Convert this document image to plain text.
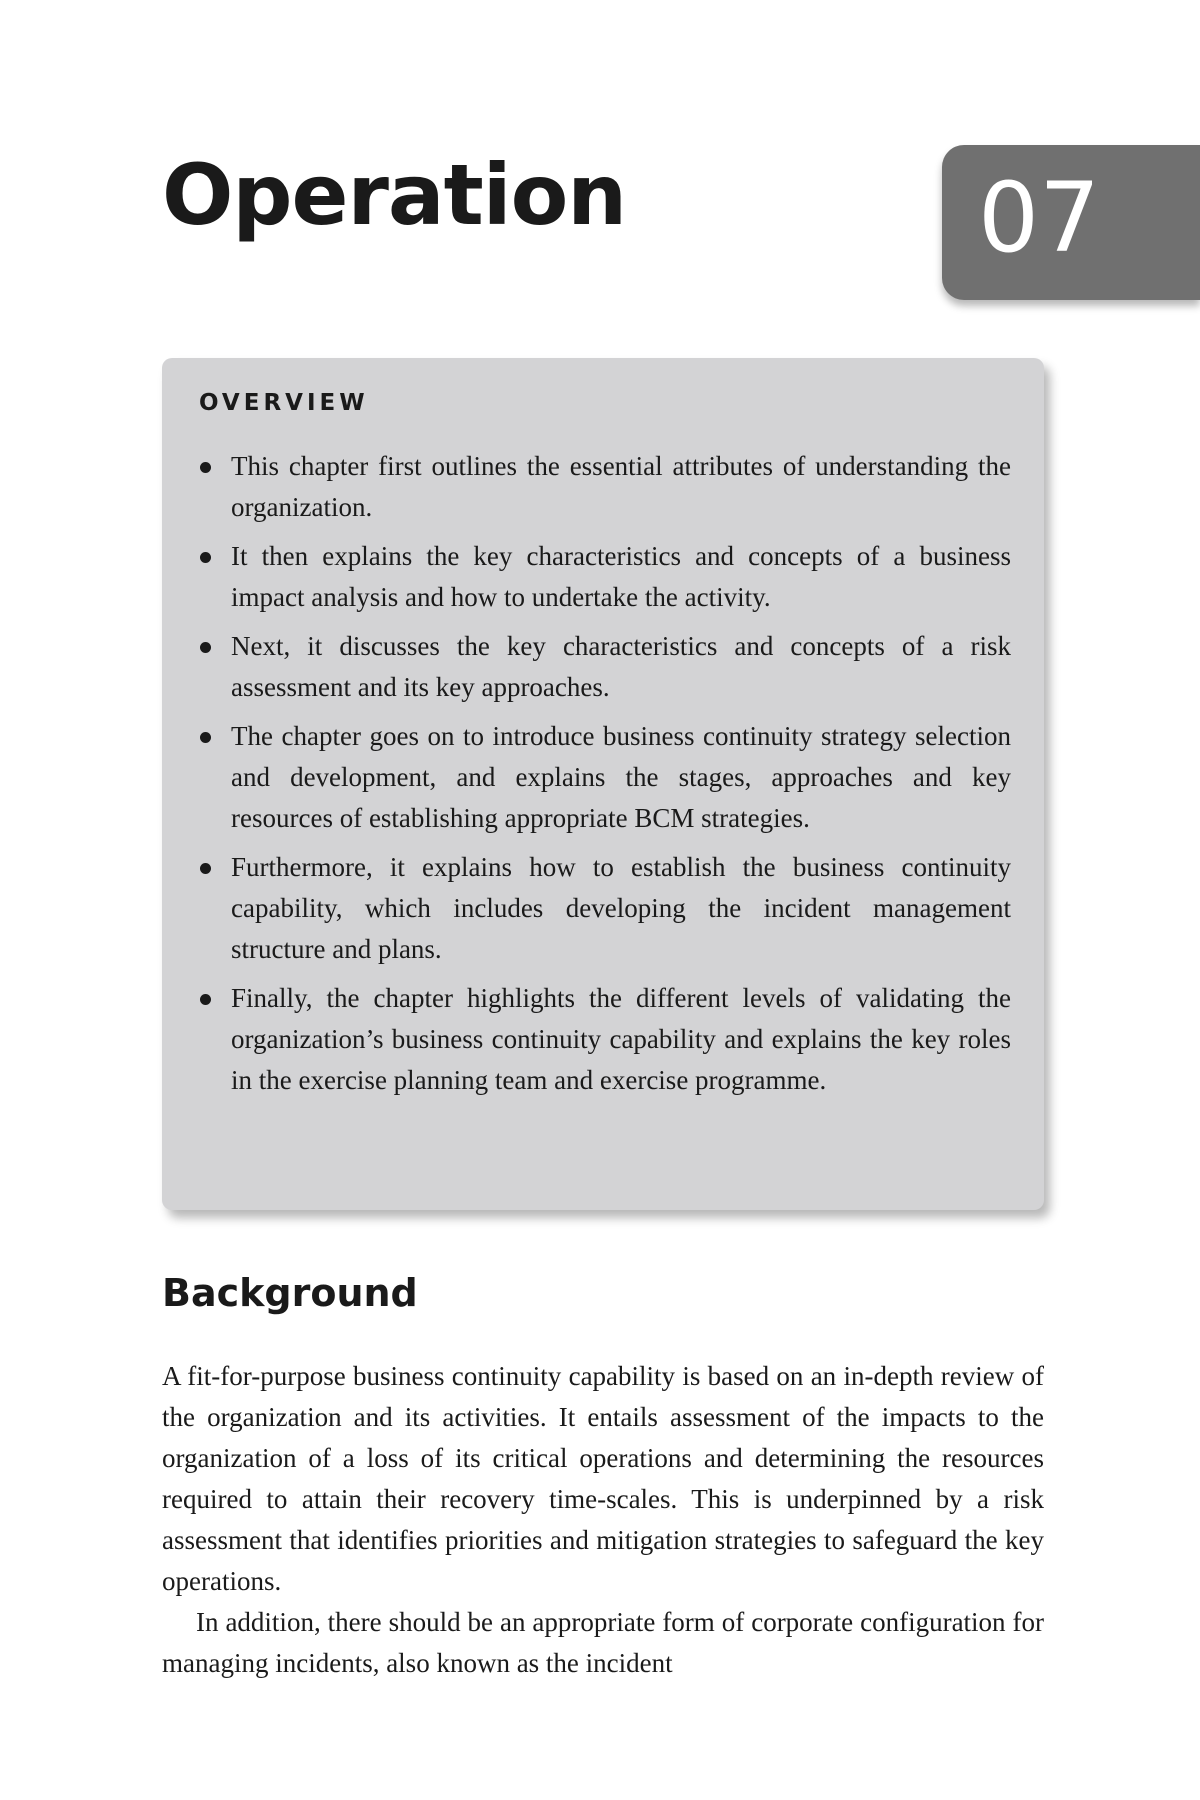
Operation	07
OVERVIEW
This chapter first outlines the essential attributes of understanding the organization.
It then explains the key characteristics and concepts of a business impact analysis and how to undertake the activity.
Next, it discusses the key characteristics and concepts of a risk assessment and its key approaches.
The chapter goes on to introduce business continuity strategy selection and development, and explains the stages, approaches and key resources of establishing appropriate BCM strategies.
Furthermore, it explains how to establish the business continuity capability, which includes developing the incident management structure and plans.
Finally, the chapter highlights the different levels of validating the organization’s business continuity capability and explains the key roles in the exercise planning team and exercise programme.
Background

A fit-for-purpose business continuity capability is based on an in-depth review of the organization and its activities. It entails assessment of the impacts to the organization of a loss of its critical operations and determining the resources required to attain their recovery time-scales. This is underpinned by a risk assessment that identifies priorities and mitigation strategies to safeguard the key operations.

In addition, there should be an appropriate form of corporate configuration for managing incidents, also known as the incident
